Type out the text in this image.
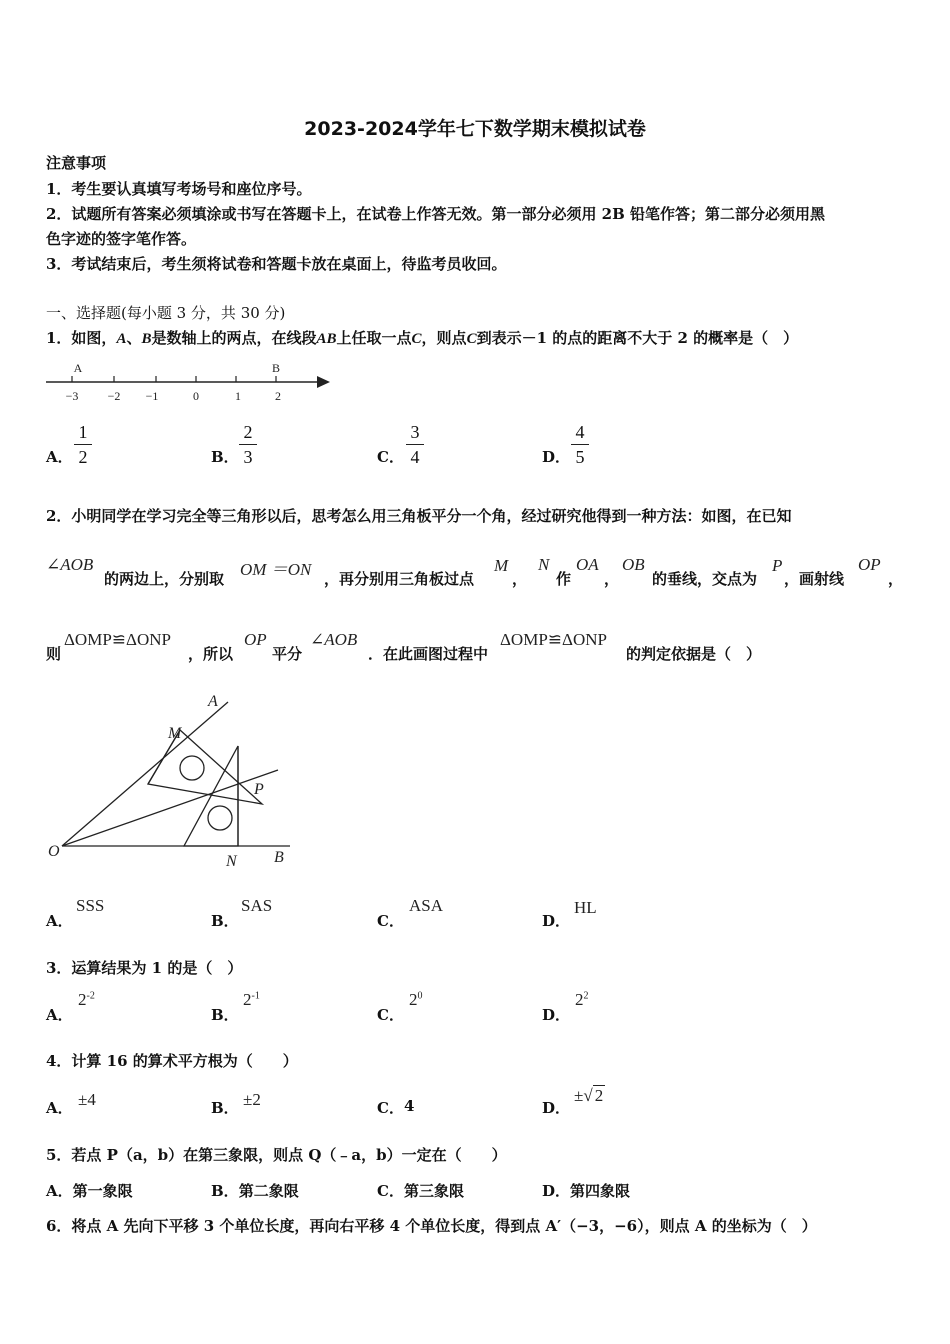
2023-2024学年七下数学期末模拟试卷
注意事项
1．考生要认真填写考场号和座位序号。
2．试题所有答案必须填涂或书写在答题卡上，在试卷上作答无效。第一部分必须用 2B 铅笔作答；第二部分必须用黑
色字迹的签字笔作答。
3．考试结束后，考生须将试卷和答题卡放在桌面上，待监考员收回。
一、选择题(每小题 3 分，共 30 分)
1．如图，A、B是数轴上的两点，在线段AB上任取一点C，则点C到表示－1 的点的距离不大于 2 的概率是（　）
A	B
−3 −2 −1	0	1	2
A．
1
2	B．
2
3	C．
3
4	D．
4
5
2．小明同学在学习完全等三角形以后，思考怎么用三角板平分一个角，经过研究他得到一种方法：如图，在已知
∠AOB
的两边上，分别取 OM ＝ON ，再分别用三角板过点
M
，
N
作
OA
，
OB
的垂线，交点为
P
，画射线
OP
，
则
ΔOMP≌ΔONP
，所以
OP
平分
∠AOB
．在此画图过程中
ΔOMP≌ΔONP
的判定依据是（　）
A
M
P
O
N B
A．
SSS
B．
SAS
C．
ASA
D．
HL
3．运算结果为 1 的是（　）
A．
$2^{-2}$
B．
$2^{-1}$
C．
$2^0$
D．
$2^2$
4．计算 16 的算术平方根为（　　）
A． ±4	B． ±2	C． 4	D．
±√ 2
5．若点 P（a，b）在第三象限，则点 Q（﹣a，b）一定在（　　）
A．第一象限	B．第二象限	C．第三象限	D．第四象限
6．将点 A 先向下平移 3 个单位长度，再向右平移 4 个单位长度，得到点 A′（−3，−6），则点 A 的坐标为（　）
